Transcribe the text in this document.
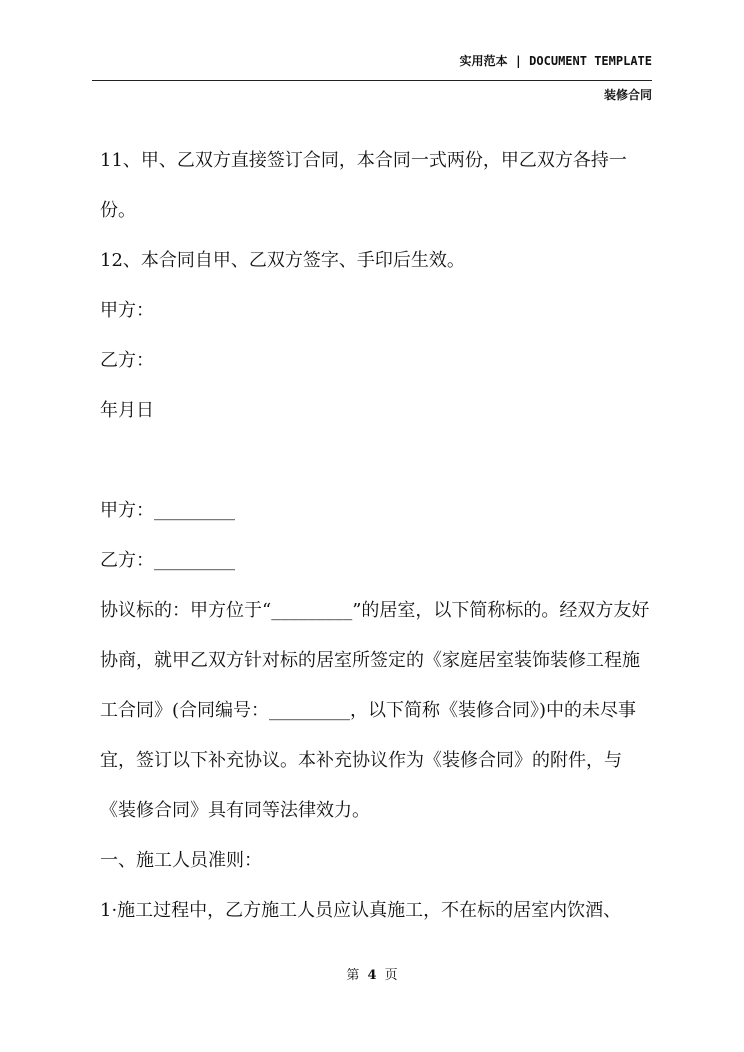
实用范本 | DOCUMENT TEMPLATE
装修合同

11、甲、乙双方直接签订合同，本合同一式两份，甲乙双方各持一份。

12、本合同自甲、乙双方签字、手印后生效。

甲方：

乙方：

年月日

甲方：_________

乙方：_________

协议标的：甲方位于“_________”的居室，以下简称标的。经双方友好协商，就甲乙双方针对标的居室所签定的《家庭居室装饰装修工程施工合同》(合同编号：_________，以下简称《装修合同》)中的未尽事宜，签订以下补充协议。本补充协议作为《装修合同》的附件，与《装修合同》具有同等法律效力。

一、施工人员准则：

1·施工过程中，乙方施工人员应认真施工，不在标的居室内饮酒、

第 4 页
